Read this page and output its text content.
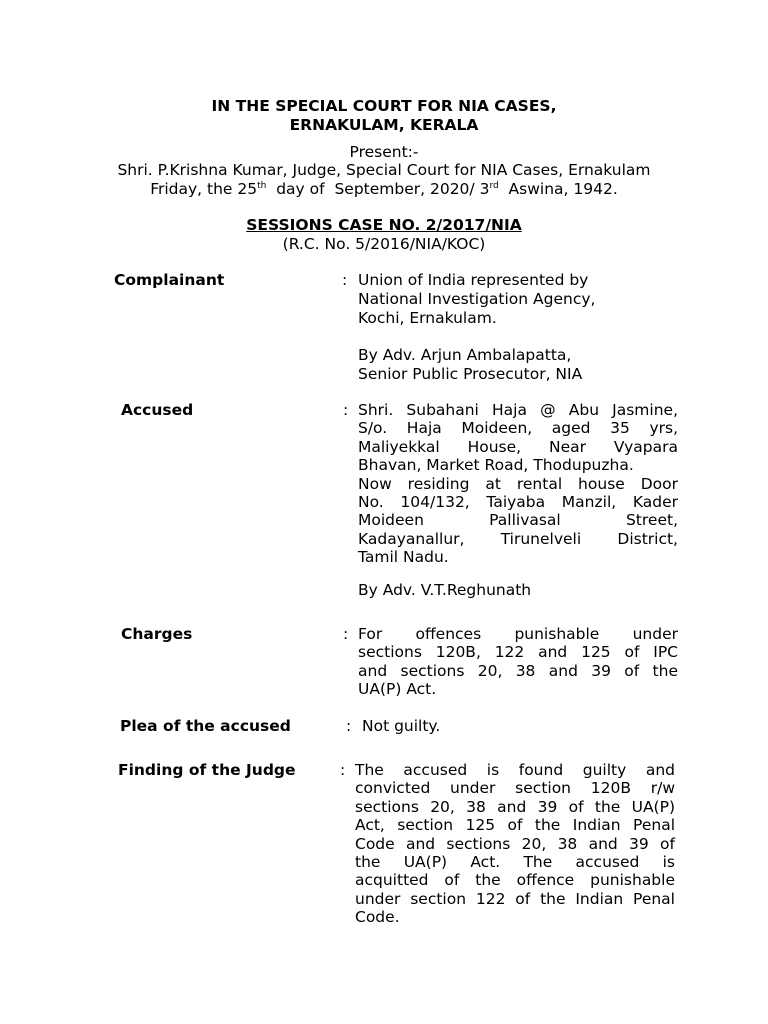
IN THE SPECIAL COURT FOR NIA CASES,
ERNAKULAM, KERALA
Present:-
Shri. P.Krishna Kumar, Judge, Special Court for NIA Cases, Ernakulam
Friday, the 25th  day of  September, 2020/ 3rd  Aswina, 1942.
SESSIONS CASE NO. 2/2017/NIA
(R.C. No. 5/2016/NIA/KOC)
Complainant	: Union of India represented by
National Investigation Agency,
Kochi, Ernakulam.
By Adv. Arjun Ambalapatta,
Senior Public Prosecutor, NIA
Accused	: Shri. Subahani Haja @ Abu Jasmine,
S/o. Haja Moideen, aged 35 yrs,
Maliyekkal House, Near Vyapara
Bhavan, Market Road, Thodupuzha.
Now residing at rental house Door
No. 104/132, Taiyaba Manzil, Kader
Moideen Pallivasal Street,
Kadayanallur, Tirunelveli District,
Tamil Nadu.
By Adv. V.T.Reghunath
Charges	: For offences punishable under
sections 120B, 122 and 125 of IPC
and sections 20, 38 and 39 of the
UA(P) Act.
Plea of the accused	: Not guilty.
Finding of the Judge	: The accused is found guilty and
convicted under section 120B r/w
sections 20, 38 and 39 of the UA(P)
Act, section 125 of the Indian Penal
Code and sections 20, 38 and 39 of
the UA(P) Act. The accused is
acquitted of the offence punishable
under section 122 of the Indian Penal
Code.
